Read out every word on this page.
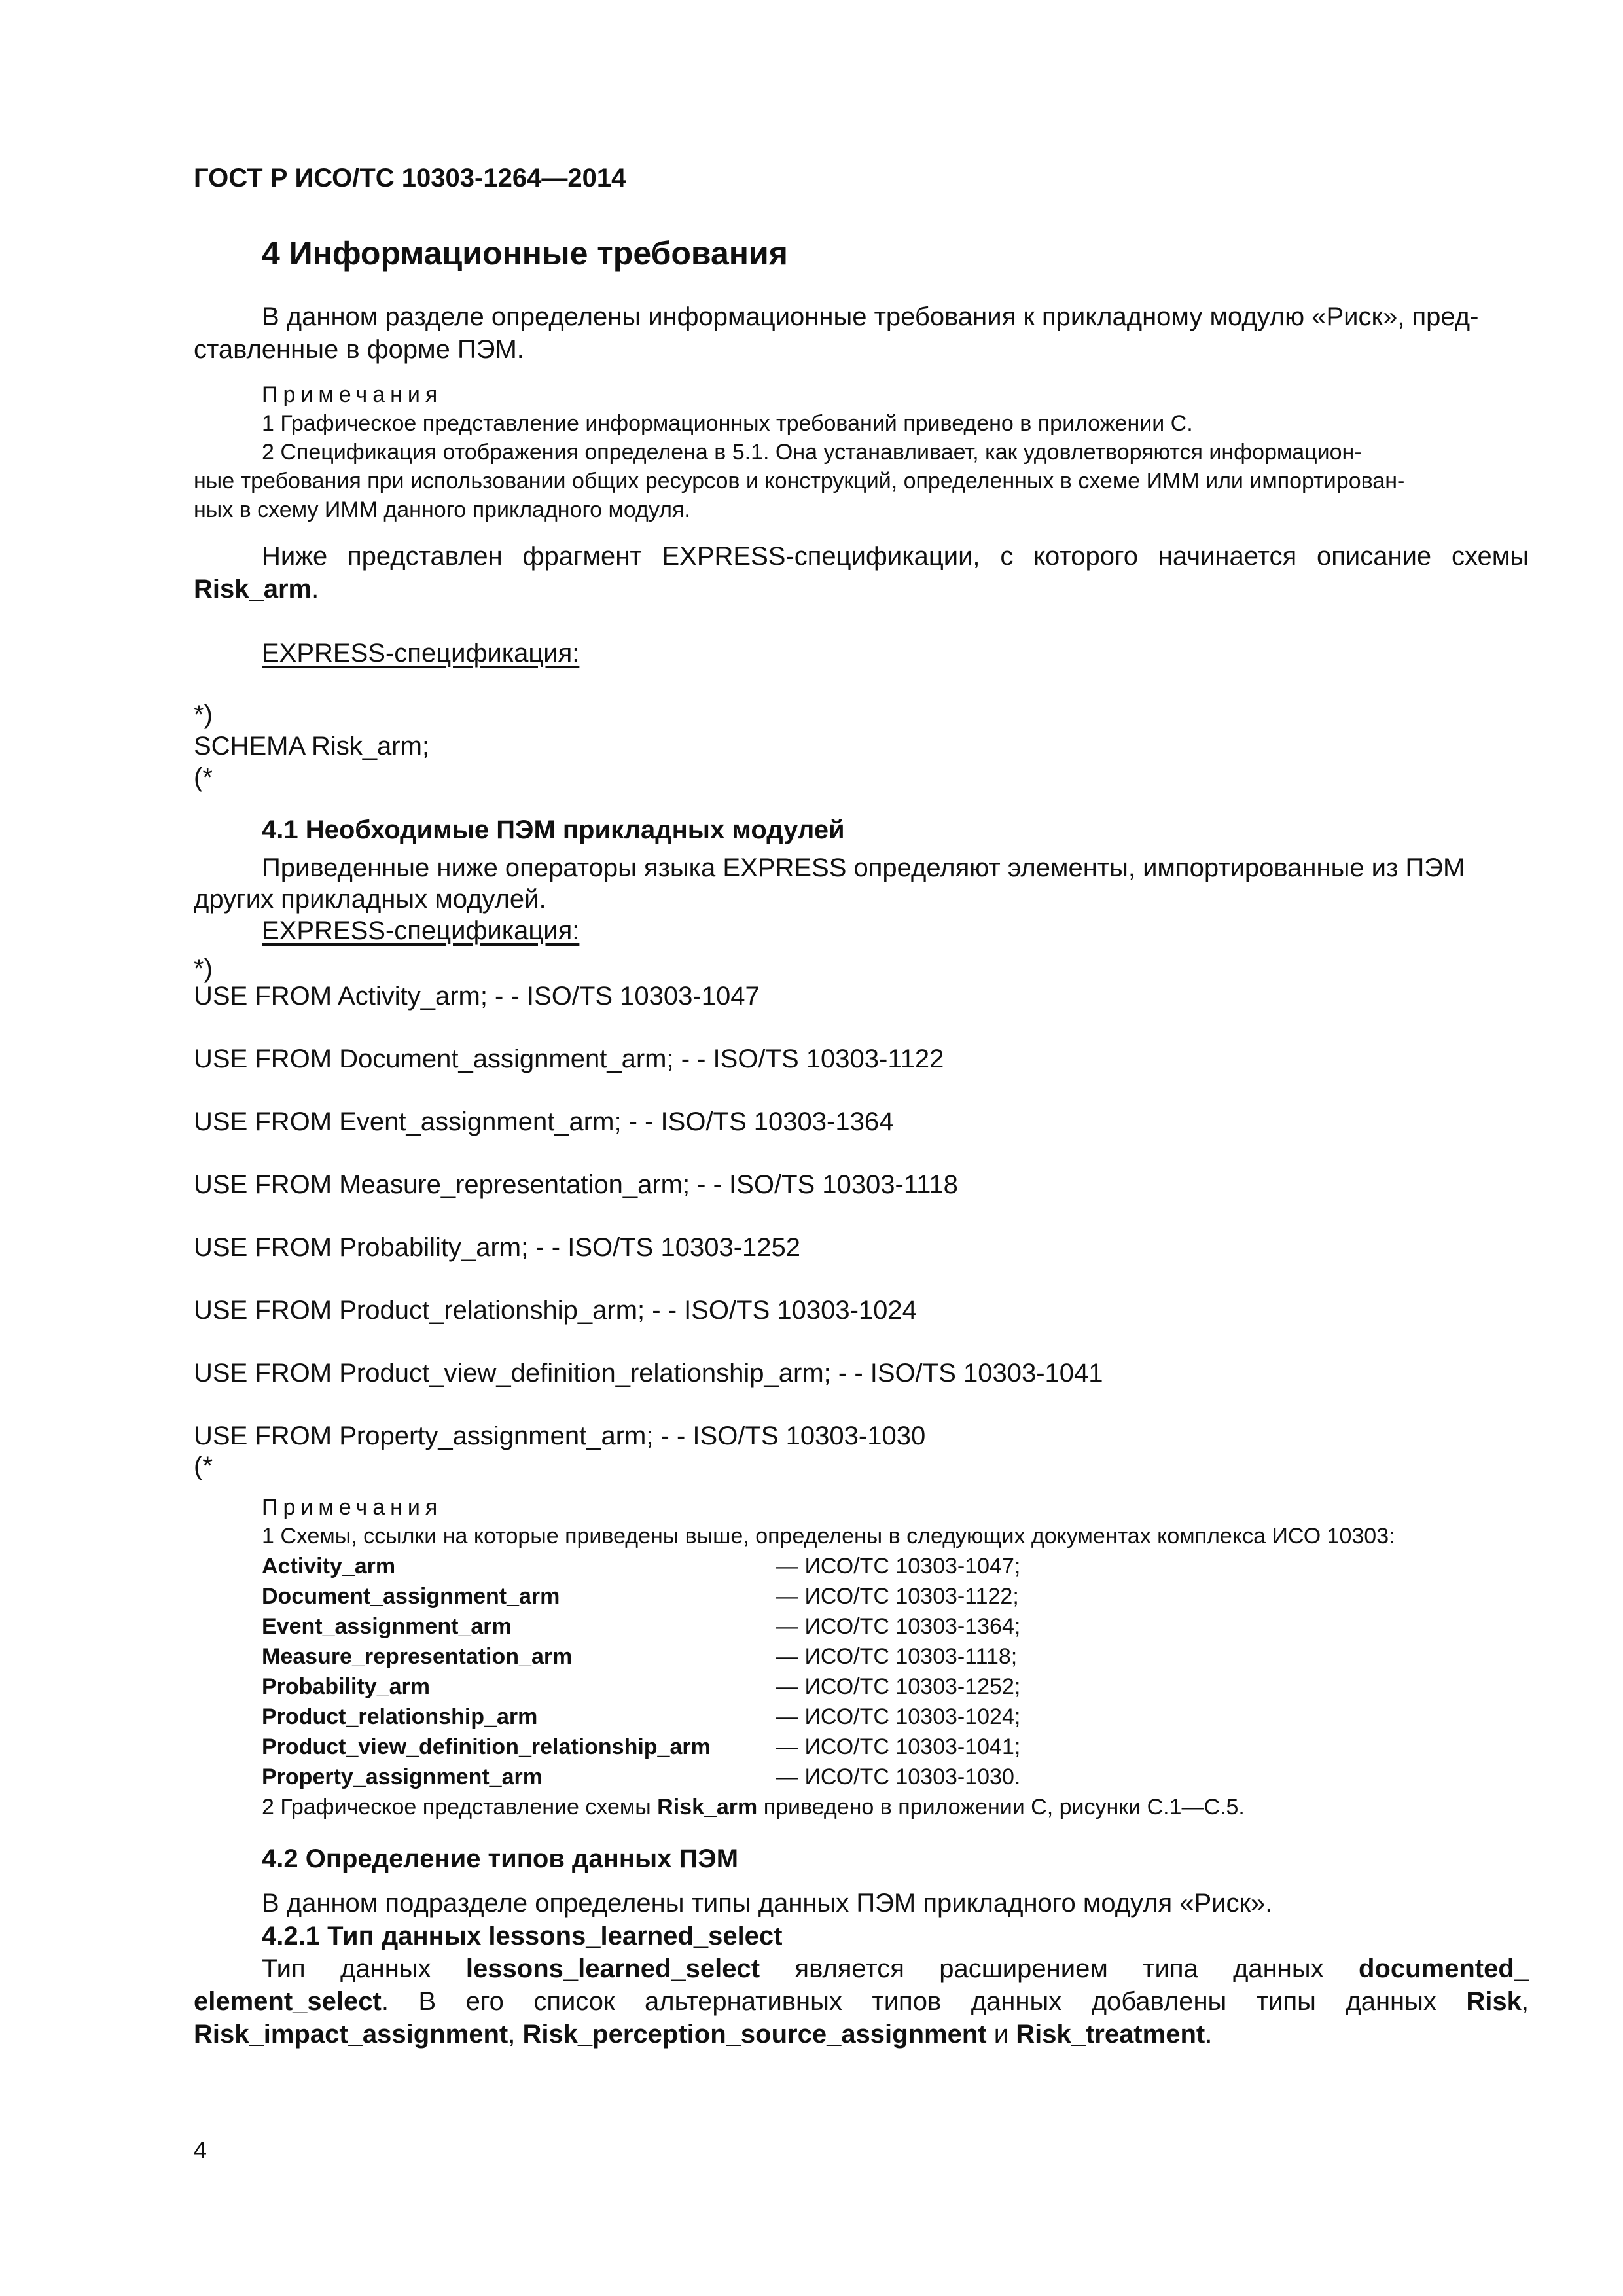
ГОСТ Р ИСО/ТС 10303-1264—2014
4 Информационные требования
В данном разделе определены информационные требования к прикладному модулю «Риск», пред-
ставленные в форме ПЭМ.
Примечания
1 Графическое представление информационных требований приведено в приложении С.
2 Спецификация отображения определена в 5.1. Она устанавливает, как удовлетворяются информацион-
ные требования при использовании общих ресурсов и конструкций, определенных в схеме ИММ или импортирован-
ных в схему ИММ данного прикладного модуля.
Ниже представлен фрагмент EXPRESS-спецификации, с которого начинается описание схемы
Risk_arm.
EXPRESS-спецификация:
*)
SCHEMA Risk_arm;
(*
4.1 Необходимые ПЭМ прикладных модулей
Приведенные ниже операторы языка EXPRESS определяют элементы, импортированные из ПЭМ
других прикладных модулей.
EXPRESS-спецификация:
*)
USE FROM Activity_arm; - - ISO/TS 10303-1047
USE FROM Document_assignment_arm; - - ISO/TS 10303-1122
USE FROM Event_assignment_arm; - - ISO/TS 10303-1364
USE FROM Measure_representation_arm; - - ISO/TS 10303-1118
USE FROM Probability_arm; - - ISO/TS 10303-1252
USE FROM Product_relationship_arm; - - ISO/TS 10303-1024
USE FROM Product_view_definition_relationship_arm; - - ISO/TS 10303-1041
USE FROM Property_assignment_arm; - - ISO/TS 10303-1030
(*
Примечания
1 Схемы, ссылки на которые приведены выше, определены в следующих документах комплекса ИСО 10303:
Activity_arm	— ИСО/ТС 10303-1047;
Document_assignment_arm	— ИСО/ТС 10303-1122;
Event_assignment_arm	— ИСО/ТС 10303-1364;
Measure_representation_arm	— ИСО/ТС 10303-1118;
Probability_arm	— ИСО/ТС 10303-1252;
Product_relationship_arm	— ИСО/ТС 10303-1024;
Product_view_definition_relationship_arm	— ИСО/ТС 10303-1041;
Property_assignment_arm	— ИСО/ТС 10303-1030.
2 Графическое представление схемы Risk_arm приведено в приложении С, рисунки С.1—С.5.
4.2 Определение типов данных ПЭМ
В данном подразделе определены типы данных ПЭМ прикладного модуля «Риск».
4.2.1 Тип данных lessons_learned_select
Тип данных lessons_learned_select является расширением типа данных documented_
element_select. В его список альтернативных типов данных добавлены типы данных Risk,
Risk_impact_assignment, Risk_perception_source_assignment и Risk_treatment.
4
